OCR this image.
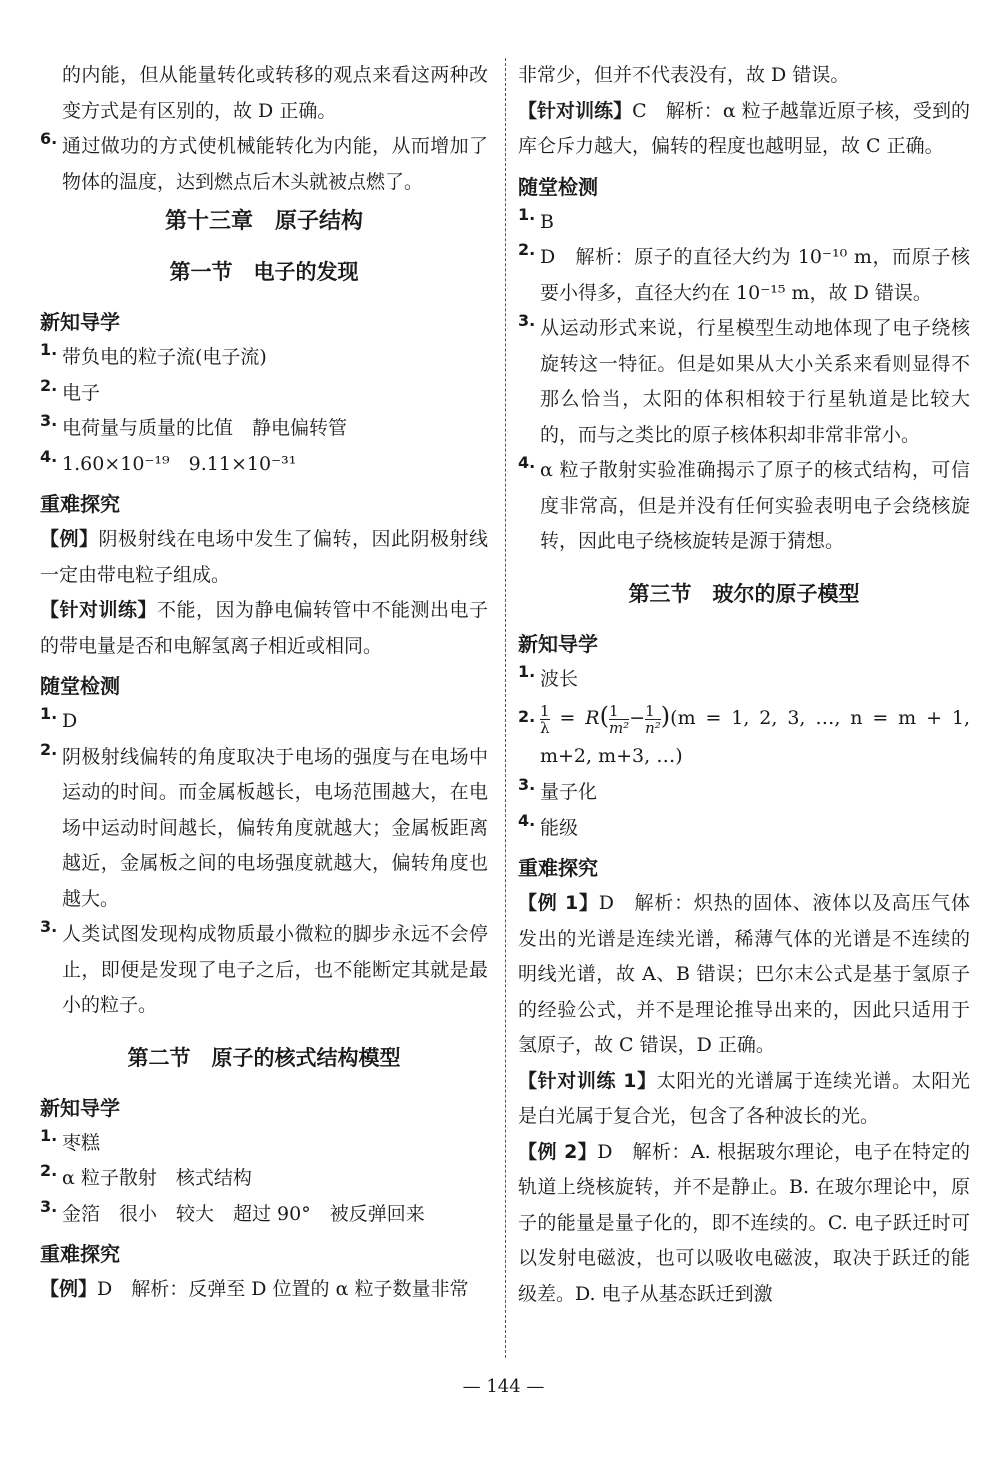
的内能，但从能量转化或转移的观点来看这两种改变方式是有区别的，故 D 正确。

6. 通过做功的方式使机械能转化为内能，从而增加了物体的温度，达到燃点后木头就被点燃了。

第十三章　原子结构
第一节　电子的发现
新知导学
1. 带负电的粒子流(电子流)

2. 电子

3. 电荷量与质量的比值　静电偏转管

4. 1.60×10⁻¹⁹　9.11×10⁻³¹

重难探究

【例】阴极射线在电场中发生了偏转，因此阴极射线一定由带电粒子组成。

【针对训练】不能，因为静电偏转管中不能测出电子的带电量是否和电解氢离子相近或相同。

随堂检测
1. D

2. 阴极射线偏转的角度取决于电场的强度与在电场中运动的时间。而金属板越长，电场范围越大，在电场中运动时间越长，偏转角度就越大；金属板距离越近，金属板之间的电场强度就越大，偏转角度也越大。

3. 人类试图发现构成物质最小微粒的脚步永远不会停止，即便是发现了电子之后，也不能断定其就是最小的粒子。

第二节　原子的核式结构模型
新知导学
1. 枣糕

2. α 粒子散射　核式结构

3. 金箔　很小　较大　超过 90°　被反弹回来

重难探究

【例】D　解析：反弹至 D 位置的 α 粒子数量非常

非常少，但并不代表没有，故 D 错误。

【针对训练】C　解析：α 粒子越靠近原子核，受到的库仑斥力越大，偏转的程度也越明显，故 C 正确。

随堂检测
1. B

2. D　解析：原子的直径大约为 10⁻¹⁰ m，而原子核要小得多，直径大约在 10⁻¹⁵ m，故 D 错误。

3. 从运动形式来说，行星模型生动地体现了电子绕核旋转这一特征。但是如果从大小关系来看则显得不那么恰当，太阳的体积相较于行星轨道是比较大的，而与之类比的原子核体积却非常非常小。

4. α 粒子散射实验准确揭示了原子的核式结构，可信度非常高，但是并没有任何实验表明电子会绕核旋转，因此电子绕核旋转是源于猜想。

第三节　玻尔的原子模型
新知导学
1. 波长

2. $\frac{1}{\lambda} = R( \frac{1}{\text{m²}} - \frac{1}{\text{n²}} )(m = 1$, 2, 3, …, n = m + 1, m+2, m+3, …)

3. 量子化

4. 能级

重难探究

【例 1】D　解析：炽热的固体、液体以及高压气体发出的光谱是连续光谱，稀薄气体的光谱是不连续的明线光谱，故 A、B 错误；巴尔末公式是基于氢原子的经验公式，并不是理论推导出来的，因此只适用于氢原子，故 C 错误，D 正确。

【针对训练 1】太阳光的光谱属于连续光谱。太阳光是白光属于复合光，包含了各种波长的光。

【例 2】D　解析：A. 根据玻尔理论，电子在特定的轨道上绕核旋转，并不是静止。B. 在玻尔理论中，原子的能量是量子化的，即不连续的。C. 电子跃迁时可以发射电磁波，也可以吸收电磁波，取决于跃迁的能级差。D. 电子从基态跃迁到激

— 144 —
